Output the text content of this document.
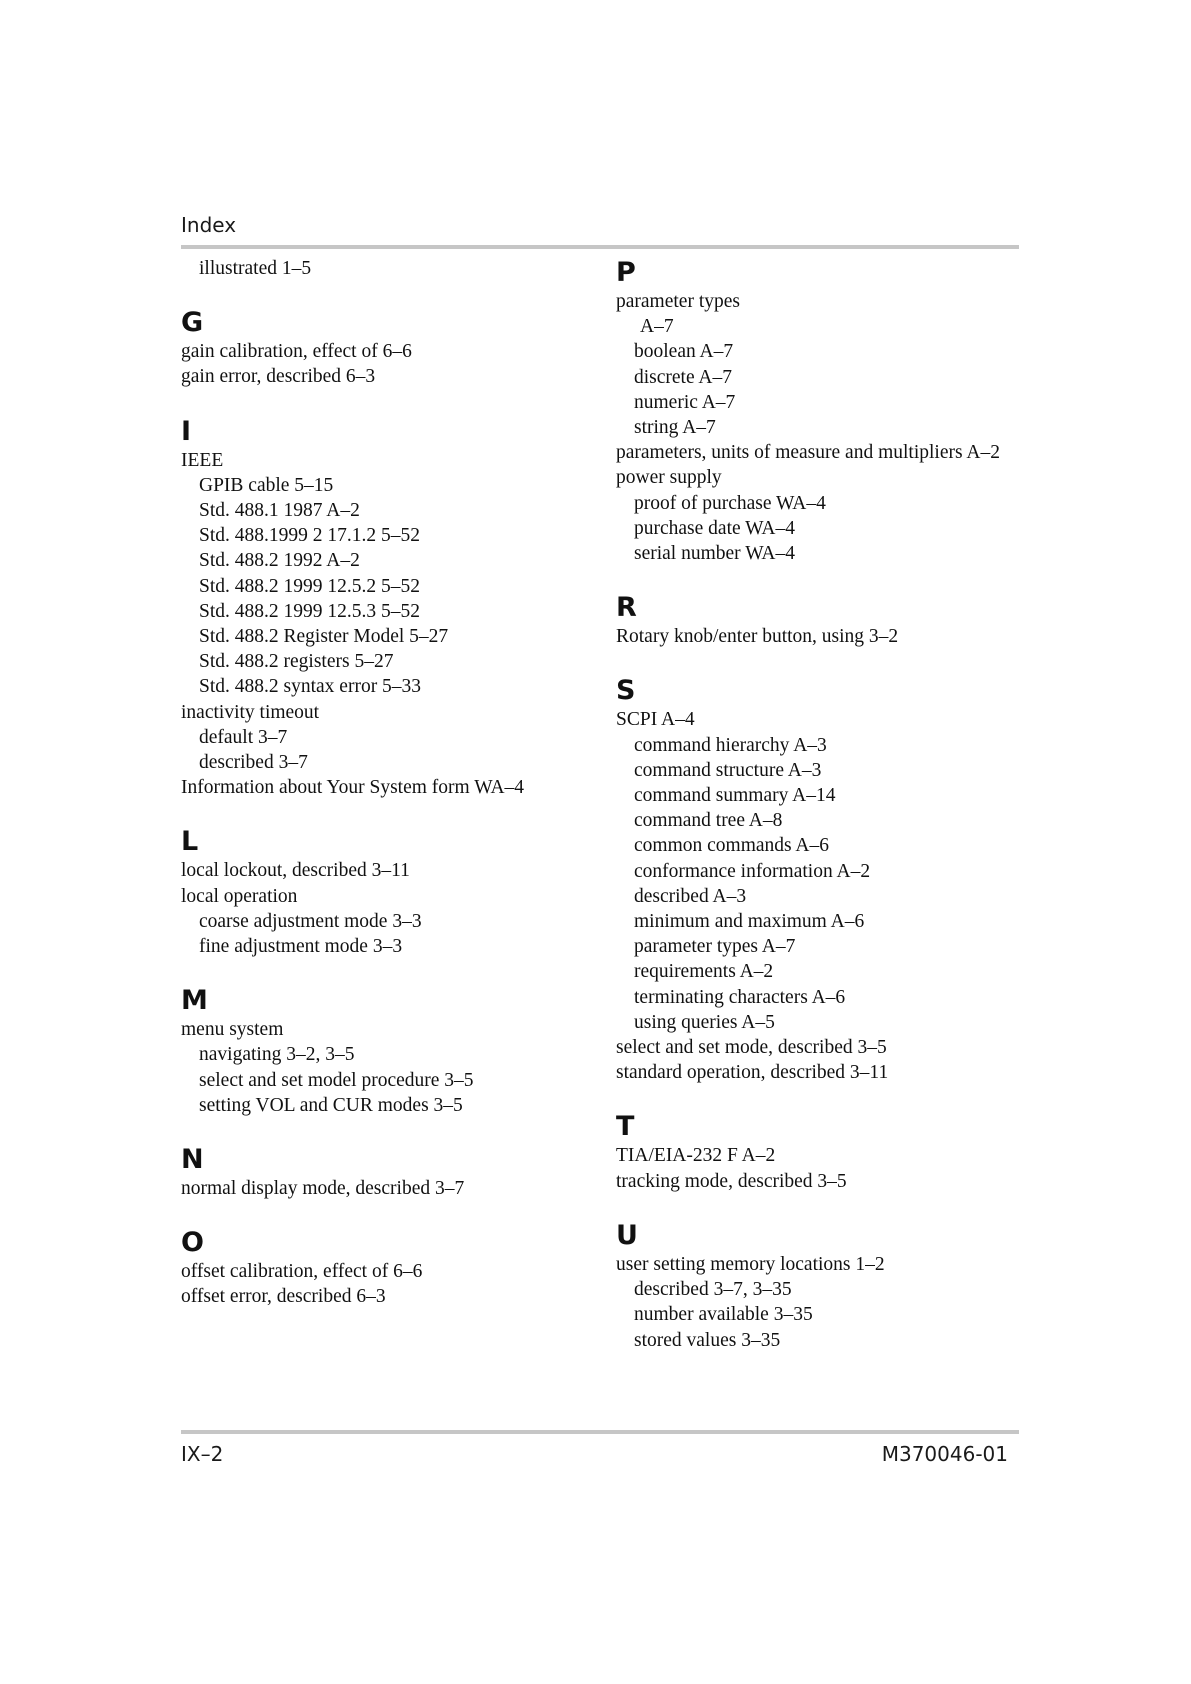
Index
illustrated 1–5
G
gain calibration, effect of 6–6
gain error, described 6–3
I
IEEE
GPIB cable 5–15
Std. 488.1 1987 A–2
Std. 488.1999 2 17.1.2 5–52
Std. 488.2 1992 A–2
Std. 488.2 1999 12.5.2 5–52
Std. 488.2 1999 12.5.3 5–52
Std. 488.2 Register Model 5–27
Std. 488.2 registers 5–27
Std. 488.2 syntax error 5–33
inactivity timeout
default 3–7
described 3–7
Information about Your System form WA–4
L
local lockout, described 3–11
local operation
coarse adjustment mode 3–3
fine adjustment mode 3–3
M
menu system
navigating 3–2, 3–5
select and set model procedure 3–5
setting VOL and CUR modes 3–5
N
normal display mode, described 3–7
O
offset calibration, effect of 6–6
offset error, described 6–3
P
parameter types
A–7
boolean A–7
discrete A–7
numeric A–7
string A–7
parameters, units of measure and multipliers A–2
power supply
proof of purchase WA–4
purchase date WA–4
serial number WA–4
R
Rotary knob/enter button, using 3–2
S
SCPI A–4
command hierarchy A–3
command structure A–3
command summary A–14
command tree A–8
common commands A–6
conformance information A–2
described A–3
minimum and maximum A–6
parameter types A–7
requirements A–2
terminating characters A–6
using queries A–5
select and set mode, described 3–5
standard operation, described 3–11
T
TIA/EIA-232 F A–2
tracking mode, described 3–5
U
user setting memory locations 1–2
described 3–7, 3–35
number available 3–35
stored values 3–35
IX–2	M370046-01
